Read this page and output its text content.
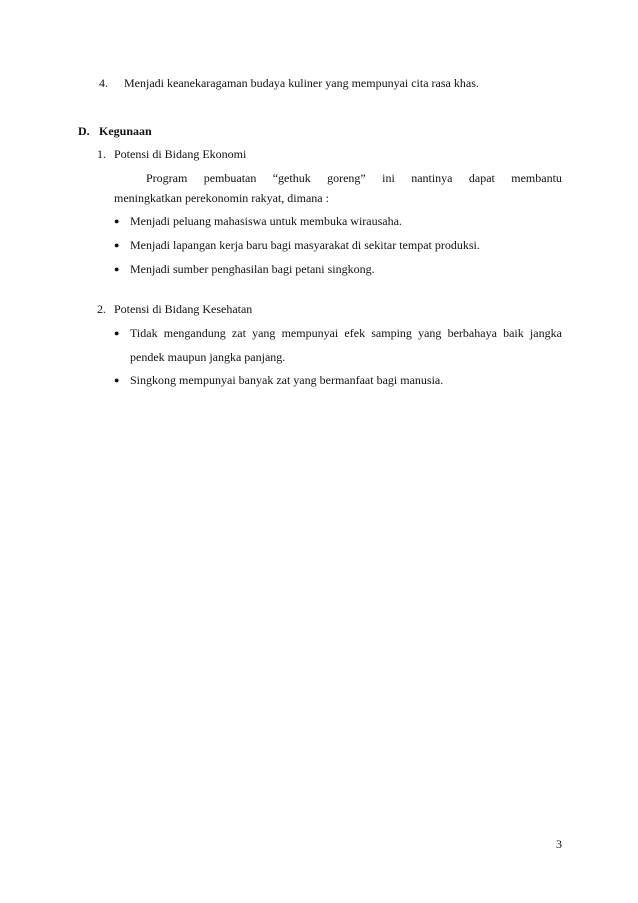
4. Menjadi keanekaragaman budaya kuliner yang mempunyai cita rasa khas.
D. Kegunaan
1. Potensi di Bidang Ekonomi
Program pembuatan “gethuk goreng” ini nantinya dapat membantu
meningkatkan perekonomin rakyat, dimana :
● Menjadi peluang mahasiswa untuk membuka wirausaha.
● Menjadi lapangan kerja baru bagi masyarakat di sekitar tempat produksi.
● Menjadi sumber penghasilan bagi petani singkong.
2. Potensi di Bidang Kesehatan
● Tidak mengandung zat yang mempunyai efek samping yang berbahaya baik jangka
pendek maupun jangka panjang.
● Singkong mempunyai banyak zat yang bermanfaat bagi manusia.
3
